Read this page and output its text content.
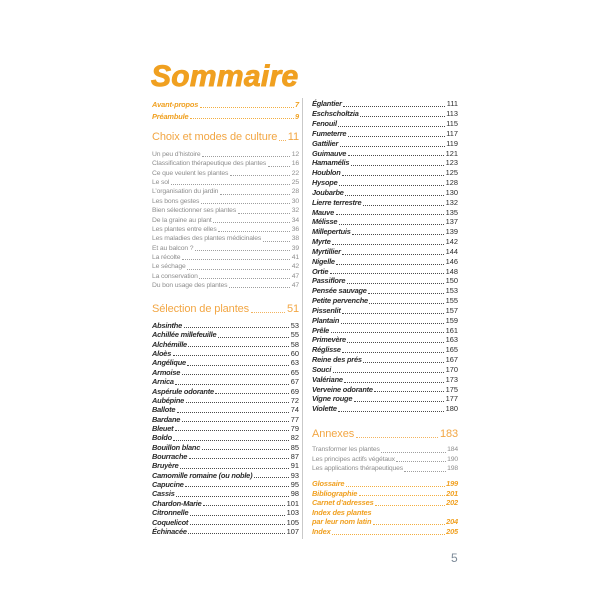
Sommaire
Avant-propos	7
Préambule	9
Choix et modes de culture 11
Un peu d’histoire	12
Classification thérapeutique des plantes	16
Ce que veulent les plantes	22
Le sol	25
L’organisation du jardin	28
Les bons gestes	30
Bien sélectionner ses plantes	32
De la graine au plant	34
Les plantes entre elles	36
Les maladies des plantes médicinales	38
Et au balcon ?	39
La récolte	41
Le séchage	42
La conservation	47
Du bon usage des plantes	47
Sélection de plantes	51
Absinthe	53
Achillée millefeuille	55
Alchémille	58
Aloès	60
Angélique	63
Armoise	65
Arnica	67
Aspérule odorante	69
Aubépine	72
Ballote	74
Bardane	77
Bleuet	79
Boldo	82
Bouillon blanc	85
Bourrache	87
Bruyère	91
Camomille romaine (ou noble)	93
Capucine	95
Cassis	98
Chardon-Marie	101
Citronnelle	103
Coquelicot	105
Échinacée	107
Églantier	111
Eschscholtzia	113
Fenouil	115
Fumeterre	117
Gattilier	119
Guimauve	121
Hamamélis	123
Houblon	125
Hysope	128
Joubarbe	130
Lierre terrestre	132
Mauve	135
Mélisse	137
Millepertuis	139
Myrte	142
Myrtillier	144
Nigelle	146
Ortie	148
Passiflore	150
Pensée sauvage	153
Petite pervenche	155
Pissenlit	157
Plantain	159
Prêle	161
Primevère	163
Réglisse	165
Reine des prés	167
Souci	170
Valériane	173
Verveine odorante	175
Vigne rouge	177
Violette	180
Annexes	183
Transformer les plantes	184
Les principes actifs végétaux	190
Les applications thérapeutiques	198
Glossaire	199
Bibliographie	201
Carnet d’adresses	202
Index des plantes
par leur nom latin	204
Index	205
5
